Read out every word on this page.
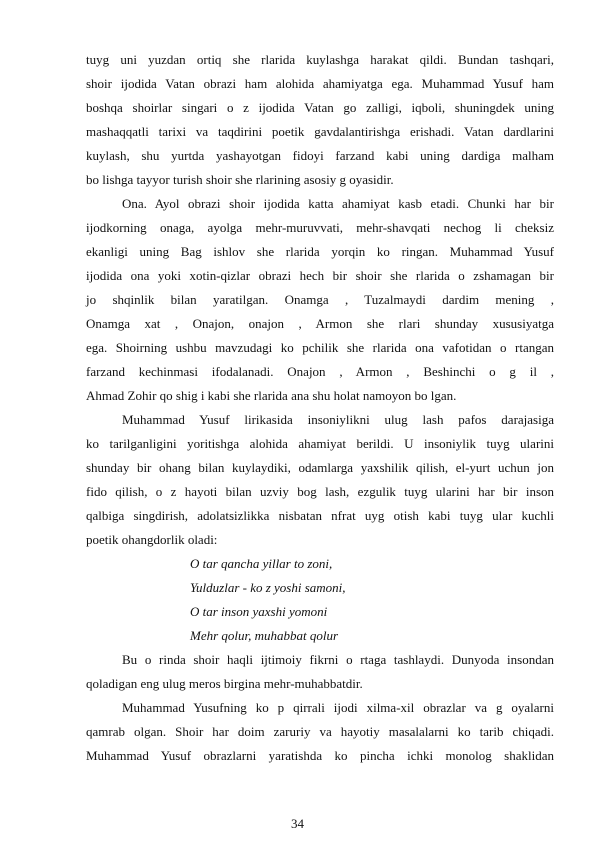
tuyg uni yuzdan ortiq she rlarida kuylashga harakat qildi. Bundan tashqari,
shoir ijodida Vatan obrazi ham alohida ahamiyatga ega. Muhammad Yusuf ham
boshqa shoirlar singari o z ijodida Vatan go zalligi, iqboli, shuningdek uning
mashaqqatli tarixi va taqdirini poetik gavdalantirishga erishadi. Vatan dardlarini
kuylash, shu yurtda yashayotgan fidoyi farzand kabi uning dardiga malham
bo lishga tayyor turish shoir she rlarining asosiy g oyasidir.
Ona. Ayol obrazi shoir ijodida katta ahamiyat kasb etadi. Chunki har bir
ijodkorning onaga, ayolga mehr-muruvvati, mehr-shavqati nechog li cheksiz
ekanligi uning Bag ishlov she rlarida yorqin ko ringan. Muhammad Yusuf
ijodida ona yoki xotin-qizlar obrazi hech bir shoir she rlarida o zshamagan bir
jo shqinlik bilan yaratilgan. Onamga , Tuzalmaydi dardim mening ,
Onamga xat , Onajon, onajon , Armon she rlari shunday xususiyatga
ega. Shoirning ushbu mavzudagi ko pchilik she rlarida ona vafotidan o rtangan
farzand kechinmasi ifodalanadi. Onajon , Armon , Beshinchi o g il ,
Ahmad Zohir qo shig i kabi she rlarida ana shu holat namoyon bo lgan.
Muhammad Yusuf lirikasida insoniylikni ulug lash pafos darajasiga
ko tarilganligini yoritishga alohida ahamiyat berildi. U insoniylik tuyg ularini
shunday bir ohang bilan kuylaydiki, odamlarga yaxshilik qilish, el-yurt uchun jon
fido qilish, o z hayoti bilan uzviy bog lash, ezgulik tuyg ularini har bir inson
qalbiga singdirish, adolatsizlikka nisbatan nfrat uyg otish kabi tuyg ular kuchli
poetik ohangdorlik oladi:
O tar qancha yillar to zoni,
Yulduzlar - ko z yoshi samoni,
O tar inson yaxshi yomoni
Mehr qolur, muhabbat qolur
Bu o rinda shoir haqli ijtimoiy fikrni o rtaga tashlaydi. Dunyoda insondan
qoladigan eng ulug meros birgina mehr-muhabbatdir.
Muhammad Yusufning ko p qirrali ijodi xilma-xil obrazlar va g oyalarni
qamrab olgan. Shoir har doim zaruriy va hayotiy masalalarni ko tarib chiqadi.
Muhammad Yusuf obrazlarni yaratishda ko pincha ichki monolog shaklidan
34
